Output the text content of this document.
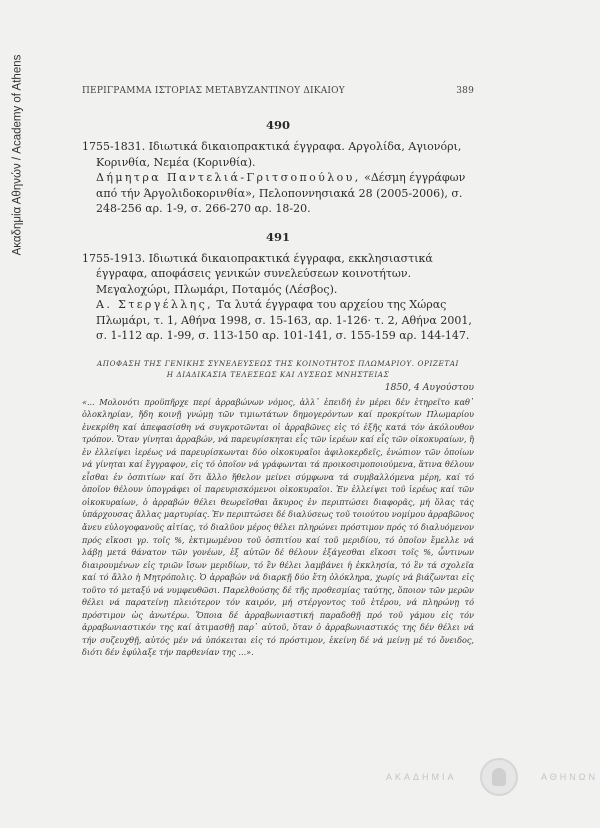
Ακαδημία Αθηνών / Academy of Athens	ΠΕΡΙΓΡΑΜΜΑ ΙΣΤΟΡΙΑΣ ΜΕΤΑΒΥΖΑΝΤΙΝΟΥ ΔΙΚΑΙΟΥ	389
490
1755-1831. Ιδιωτικά δικαιοπρακτικά έγγραφα. Αργολίδα, Αγιονόρι, Κορινθία, Νεμέα (Κορινθία).
Δήμητρα Παντελιά-Γριτσοπούλου, «Δέσμη έγγράφων από τήν Άργολιδοκορινθία», Πελοποννησιακά 28 (2005-2006), σ. 248-256 αρ. 1-9, σ. 266-270 αρ. 18-20.
491
1755-1913. Ιδιωτικά δικαιοπρακτικά έγγραφα, εκκλησιαστικά έγγραφα, αποφάσεις γενικών συνελεύσεων κοινοτήτων. Μεγαλοχώρι, Πλωμάρι, Ποταμός (Λέσβος).
Α. Στεργέλλης, Τα λυτά έγγραφα του αρχείου της Χώρας Πλωμάρι, τ. 1, Αθήνα 1998, σ. 15-163, αρ. 1-126· τ. 2, Αθήνα 2001, σ. 1-112 αρ. 1-99, σ. 113-150 αρ. 101-141, σ. 155-159 αρ. 144-147.
ΑΠΟΦΑΣΗ ΤΗΣ ΓΕΝΙΚΗΣ ΣΥΝΕΛΕΥΣΕΩΣ ΤΗΣ ΚΟΙΝΟΤΗΤΟΣ ΠΛΩΜΑΡΙΟΥ. ΟΡΙΖΕΤΑΙ
Η ΔΙΑΔΙΚΑΣΙΑ ΤΕΛΕΣΕΩΣ ΚΑΙ ΛΥΣΕΩΣ ΜΝΗΣΤΕΙΑΣ
1850, 4 Αυγούστου
«... Μολονότι προϋπῆρχε περί ἀρραβώνων νόμος, ἀλλ᾽ ἐπειδή ἐν μέρει δέν ἐτηρεῖτο καθ᾽ ὁλοκληρίαν, ἤδη κοινῇ γνώμῃ τῶν τιμιωτάτων δημογερόντων καί προκρίτων Πλωμαρίου ἐνεκρίθη καί ἀπεφασίσθη νά συγκροτῶνται οἱ ἀρραβῶνες εἰς τό ἑξῆς κατά τόν ἀκόλουθον τρόπον. Ὅταν γίνηται ἀρραβών, νά παρευρίσκηται εἷς τῶν ἱερέων καί εἷς τῶν οἰκοκυραίων, ἢ ἐν ἐλλείψει ἱερέως νά παρευρίσκωνται δύο οἰκοκυραῖοι ἀφιλοκερδεῖς, ἐνώπιον τῶν ὁποίων νά γίνηται καί ἔγγραφον, εἰς τό ὁποῖον νά γράφωνται τά προικοσιμοποιούμενα, ἅτινα θέλουν εἶσθαι ἐν ὀσπιτίων καί ὅτι ἄλλο ἤθελον μείνει σύμφωνα τά συμβαλλόμενα μέρη, καί τό ὁποῖον θέλουν ὑπογράφει οἱ παρευρισκόμενοι οἰκοκυραῖοι. Ἐν ἐλλείψει τοῦ ἱερέως καί τῶν οἰκοκυραίων, ὁ ἀρραβών θέλει θεωρεῖσθαι ἄκυρος ἐν περιπτώσει διαφορᾶς, μή ὅλας τάς ὑπάρχουσας ἄλλας μαρτυρίας. Ἐν περιπτώσει δέ διαλύσεως τοῦ τοιούτου νομίμου ἀρραβῶνος ἄνευ εὐλογοφανοῦς αἰτίας, τό διαλῦον μέρος θέλει πληρώνει πρόστιμον πρός τό διαλυόμενον πρός εἴκοσι γρ. τοῖς %, ἐκτιμωμένου τοῦ ὀσπιτίου καί τοῦ μεριδίου, τό ὁποῖον ἔμελλε νά λάβῃ μετά θάνατον τῶν γονέων, ἐξ αὐτῶν δέ θέλουν ἐξάγεσθαι εἴκοσι τοῖς %, ὧντινων διαιρουμένων εἰς τριῶν ἴσων μεριδίων, τό ἓν θέλει λαμβάνει ἡ ἐκκλησία, τό ἓν τά σχολεῖα καί τό ἄλλο ἡ Μητρόπολις. Ὁ ἀρραβών νά διαρκῇ δύο ἔτη ὁλόκληρα, χωρίς νά βιάζωνται εἰς τοῦτο τό μεταξύ νά νυμφευθῶσι. Παρελθούσης δέ τῆς προθεσμίας ταύτης, ὅποιον τῶν μερῶν θέλει νά παρατείνῃ πλειότερον τόν καιρόν, μή στέργοντος τοῦ ἑτέρου, νά πληρώνῃ τό πρόστιμον ὡς ἀνωτέρω. Ὅποια δέ ἀρραβωνιαστική παραδοθῇ πρό τοῦ γάμου εἰς τόν ἀρραβωνιαστικόν της καί ἀτιμασθῇ παρ᾽ αὐτοῦ, ὅταν ὁ ἀρραβωνιαστικός της δέν θέλει νά τήν συζευχθῇ, αὐτός μέν νά ὑπόκειται εἰς τό πρόστιμον, ἐκείνη δέ νά μείνῃ μέ τό ὄνειδος, διότι δέν ἐφύλαξε τήν παρθενίαν της ...».
ΑΚΑΔΗΜΙΑ	ΑΘΗΝΩΝ
